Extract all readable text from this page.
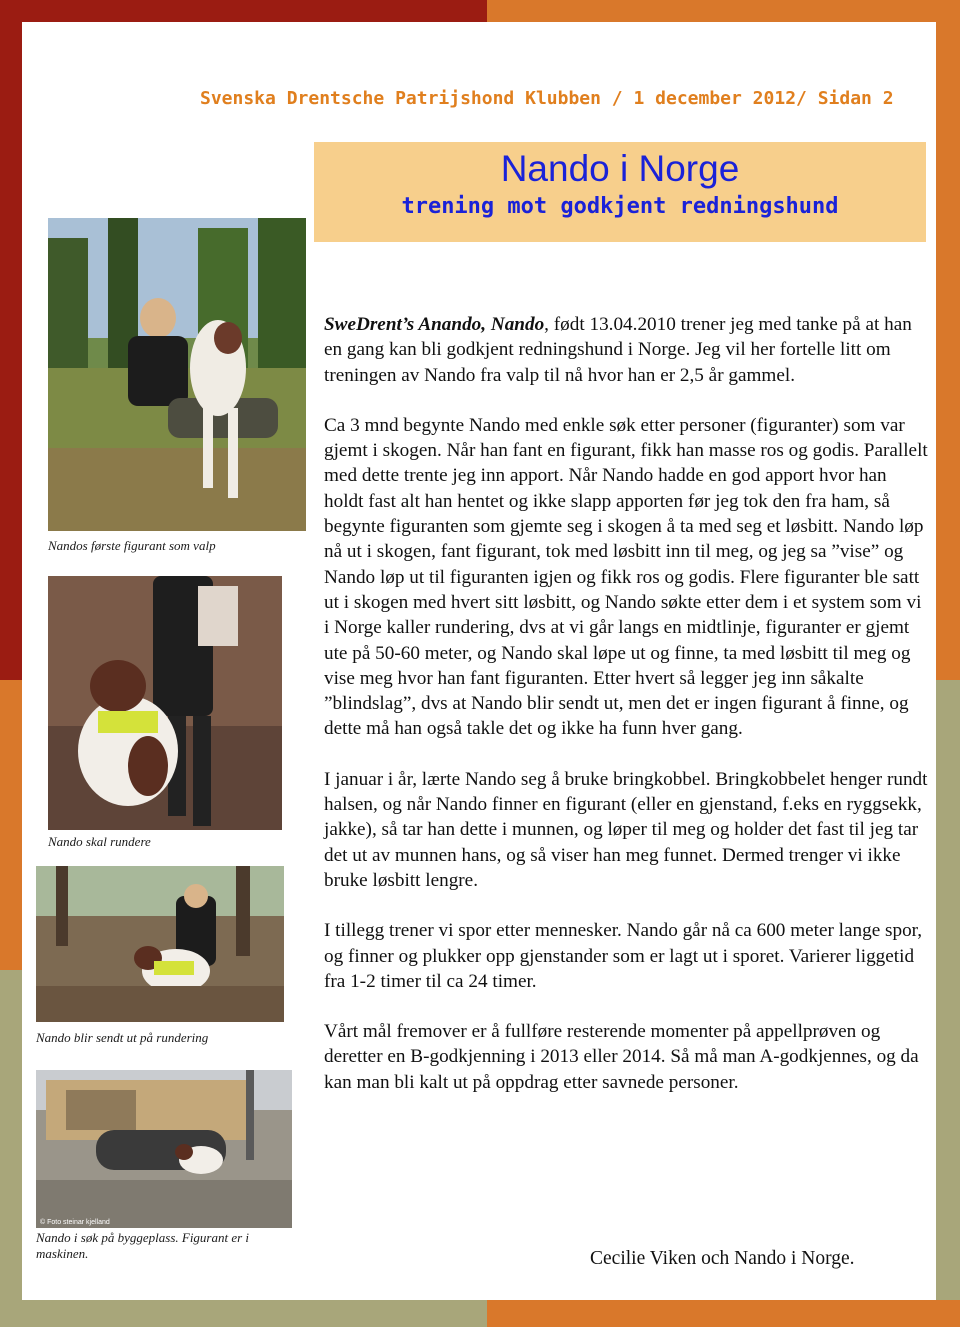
Svenska Drentsche Patrijshond Klubben / 1 december 2012/ Sidan 2
Nando i Norge
trening mot godkjent redningshund
Nandos første figurant som valp
Nando skal rundere
Nando blir sendt ut på rundering
© Foto steinar kjelland
Nando i søk på byggeplass. Figurant er i maskinen.

SweDrent’s Anando, Nando, født 13.04.2010 trener jeg med tanke på at han en gang kan bli godkjent redningshund i Norge. Jeg vil her fortelle litt om treningen av Nando fra valp til nå hvor han er 2,5 år gammel.

Ca 3 mnd begynte Nando med enkle søk etter personer (figuranter) som var gjemt i skogen. Når han fant en figurant, fikk han masse ros og godis. Parallelt med dette trente jeg inn apport. Når Nando hadde en god apport hvor han holdt fast alt han hentet og ikke slapp apporten før jeg tok den fra ham, så begynte figuranten som gjemte seg i skogen å ta med seg et løsbitt. Nando løp nå ut i skogen, fant figurant, tok med løsbitt inn til meg, og jeg sa ”vise” og Nando løp ut til figuranten igjen og fikk ros og godis. Flere figuranter ble satt ut i skogen med hvert sitt løsbitt, og Nando søkte etter dem i et system som vi i Norge kaller rundering, dvs at vi går langs en midtlinje, figuranter er gjemt ute på 50-60 meter, og Nando skal løpe ut og finne, ta med løsbitt til meg og vise meg hvor han fant figuranten. Etter hvert så legger jeg inn såkalte ”blindslag”, dvs at Nando blir sendt ut, men det er ingen figurant å finne, og dette må han også takle det og ikke ha funn hver gang.

I januar i år, lærte Nando seg å bruke bringkobbel. Bringkobbelet henger rundt halsen, og når Nando finner en figurant (eller en gjenstand, f.eks en ryggsekk, jakke), så tar han dette i munnen, og løper til meg og holder det fast til jeg tar det ut av munnen hans, og så viser han meg funnet. Dermed trenger vi ikke bruke løsbitt lengre.

I tillegg trener vi spor etter mennesker. Nando går nå ca 600 meter lange spor, og finner og plukker opp gjenstander som er lagt ut i sporet. Varierer liggetid fra 1-2 timer til ca 24 timer.

Vårt mål fremover er å fullføre resterende momenter på appellprøven og deretter en B-godkjenning i 2013 eller 2014. Så må man A-godkjennes, og da kan man bli kalt ut på oppdrag etter savnede personer.

Cecilie Viken och Nando i Norge.
